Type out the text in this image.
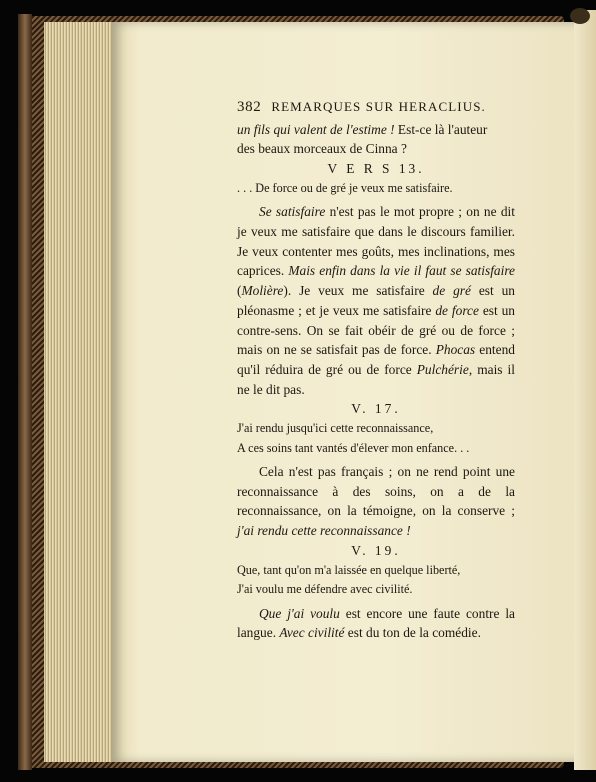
382 REMARQUES SUR HERACLIUS.

un fils qui valent de l'estime ! Est-ce là l'auteur
des beaux morceaux de Cinna ?

V E R S 13.
. . . De force ou de gré je veux me satisfaire.

Se satisfaire n'est pas le mot propre ; on ne dit je veux me satisfaire que dans le discours familier. Je veux contenter mes goûts, mes inclinations, mes caprices. Mais enfin dans la vie il faut se satisfaire (Molière). Je veux me satisfaire de gré est un pléonasme ; et je veux me satisfaire de force est un contre-sens. On se fait obéir de gré ou de force ; mais on ne se satisfait pas de force. Phocas entend qu'il réduira de gré ou de force Pulchérie, mais il ne le dit pas.

V. 17.
J'ai rendu jusqu'ici cette reconnaissance,
A ces soins tant vantés d'élever mon enfance. . .

Cela n'est pas français ; on ne rend point une reconnaissance à des soins, on a de la reconnaissance, on la témoigne, on la conserve ; j'ai rendu cette reconnaissance !

V. 19.
Que, tant qu'on m'a laissée en quelque liberté,
J'ai voulu me défendre avec civilité.

Que j'ai voulu est encore une faute contre la langue. Avec civilité est du ton de la comédie.
